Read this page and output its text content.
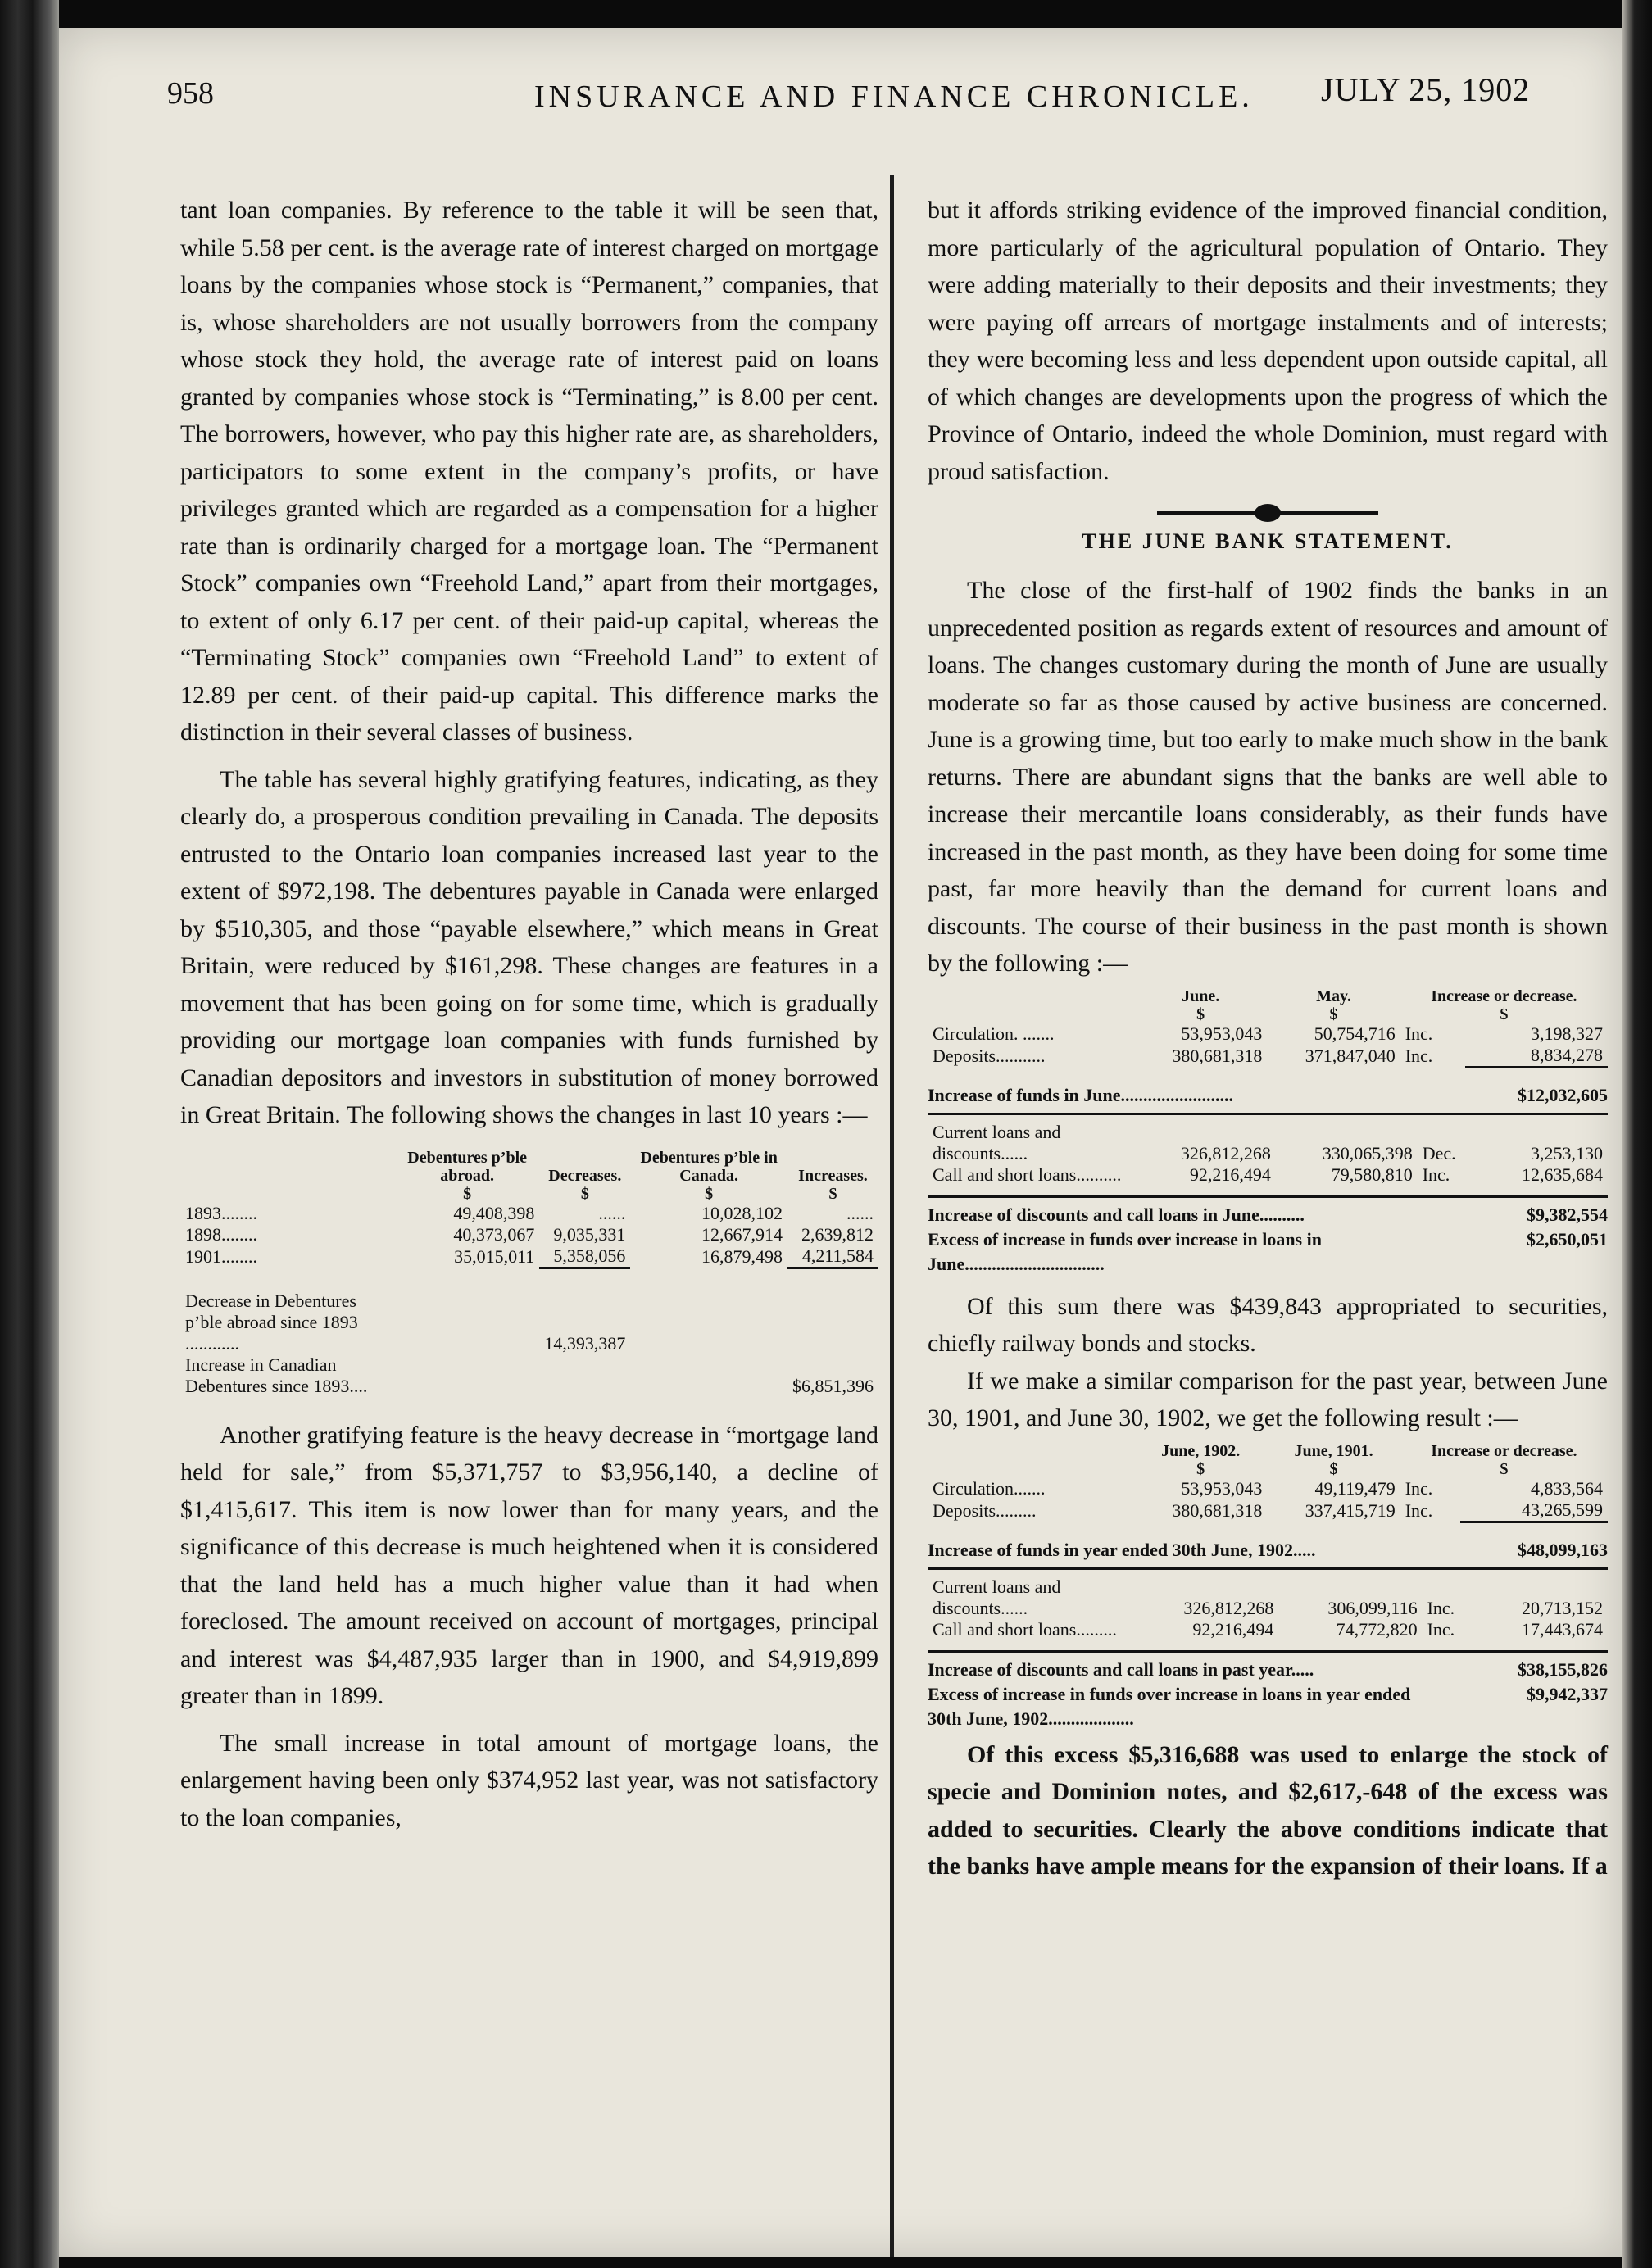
958	INSURANCE AND FINANCE CHRONICLE. JULY 25, 1902

tant loan companies. By reference to the table it will be seen that, while 5.58 per cent. is the average rate of interest charged on mortgage loans by the companies whose stock is “Permanent,” companies, that is, whose shareholders are not usually borrowers from the company whose stock they hold, the average rate of interest paid on loans granted by companies whose stock is “Terminating,” is 8.00 per cent. The borrowers, however, who pay this higher rate are, as shareholders, participators to some extent in the company’s profits, or have privileges granted which are regarded as a compensation for a higher rate than is ordinarily charged for a mortgage loan. The “Permanent Stock” companies own “Freehold Land,” apart from their mortgages, to extent of only 6.17 per cent. of their paid-up capital, whereas the “Terminating Stock” companies own “Freehold Land” to extent of 12.89 per cent. of their paid-up capital. This difference marks the distinction in their several classes of business.

The table has several highly gratifying features, indicating, as they clearly do, a prosperous condition prevailing in Canada. The deposits entrusted to the Ontario loan companies increased last year to the extent of $972,198. The debentures payable in Canada were enlarged by $510,305, and those “payable elsewhere,” which means in Great Britain, were reduced by $161,298. These changes are features in a movement that has been going on for some time, which is gradually providing our mortgage loan companies with funds furnished by Canadian depositors and investors in substitution of money borrowed in Great Britain. The following shows the changes in last 10 years :—

	Debentures p’ble abroad.	Decreases.	Debentures p’ble in Canada.	Increases.
	$	$	$	$
1893........	49,408,398	......	10,028,102	......
1898........	40,373,067	9,035,331	12,667,914	2,639,812
1901........	35,015,011	5,358,056	16,879,498	4,211,584

Decrease in Debentures p’ble abroad since 1893 ............		14,393,387		
Increase in Canadian Debentures since 1893....				$6,851,396

Another gratifying feature is the heavy decrease in “mortgage land held for sale,” from $5,371,757 to $3,956,140, a decline of $1,415,617. This item is now lower than for many years, and the significance of this decrease is much heightened when it is considered that the land held has a much higher value than it had when foreclosed. The amount received on account of mortgages, principal and interest was $4,487,935 larger than in 1900, and $4,919,899 greater than in 1899.

The small increase in total amount of mortgage loans, the enlargement having been only $374,952 last year, was not satisfactory to the loan companies,

but it affords striking evidence of the improved financial condition, more particularly of the agricultural population of Ontario. They were adding materially to their deposits and their investments; they were paying off arrears of mortgage instalments and of interests; they were becoming less and less dependent upon outside capital, all of which changes are developments upon the progress of which the Province of Ontario, indeed the whole Dominion, must regard with proud satisfaction.

THE JUNE BANK STATEMENT.

The close of the first-half of 1902 finds the banks in an unprecedented position as regards extent of resources and amount of loans. The changes customary during the month of June are usually moderate so far as those caused by active business are concerned. June is a growing time, but too early to make much show in the bank returns. There are abundant signs that the banks are well able to increase their mercantile loans considerably, as their funds have increased in the past month, as they have been doing for some time past, far more heavily than the demand for current loans and discounts. The course of their business in the past month is shown by the following :—

	June.	May.	Increase or decrease.	
	$	$	$	
Circulation. .......	53,953,043	50,754,716	Inc.	3,198,327
Deposits...........	380,681,318	371,847,040	Inc.	8,834,278
Increase of funds in June.........................	$12,032,605
Current loans and discounts......	326,812,268	330,065,398	Dec.	3,253,130
Call and short loans..........	92,216,494	79,580,810	Inc.	12,635,684
Increase of discounts and call loans in June..........	$9,382,554
Excess of increase in funds over increase in loans in June...............................
$2,650,051

Of this sum there was $439,843 appropriated to securities, chiefly railway bonds and stocks.

If we make a similar comparison for the past year, between June 30, 1901, and June 30, 1902, we get the following result :—

	June, 1902.	June, 1901.	Increase or decrease.	
	$	$	$	
Circulation.......	53,953,043	49,119,479	Inc.	4,833,564
Deposits.........	380,681,318	337,415,719	Inc.	43,265,599
Increase of funds in year ended 30th June, 1902.....	$48,099,163
Current loans and discounts......	326,812,268	306,099,116	Inc.	20,713,152
Call and short loans.........	92,216,494	74,772,820	Inc.	17,443,674
Increase of discounts and call loans in past year.....	$38,155,826
Excess of increase in funds over increase in loans in year ended 30th June, 1902...................
$9,942,337

Of this excess $5,316,688 was used to enlarge the stock of specie and Dominion notes, and $2,617,-648 of the excess was added to securities. Clearly the above conditions indicate that the banks have ample means for the expansion of their loans. If a
